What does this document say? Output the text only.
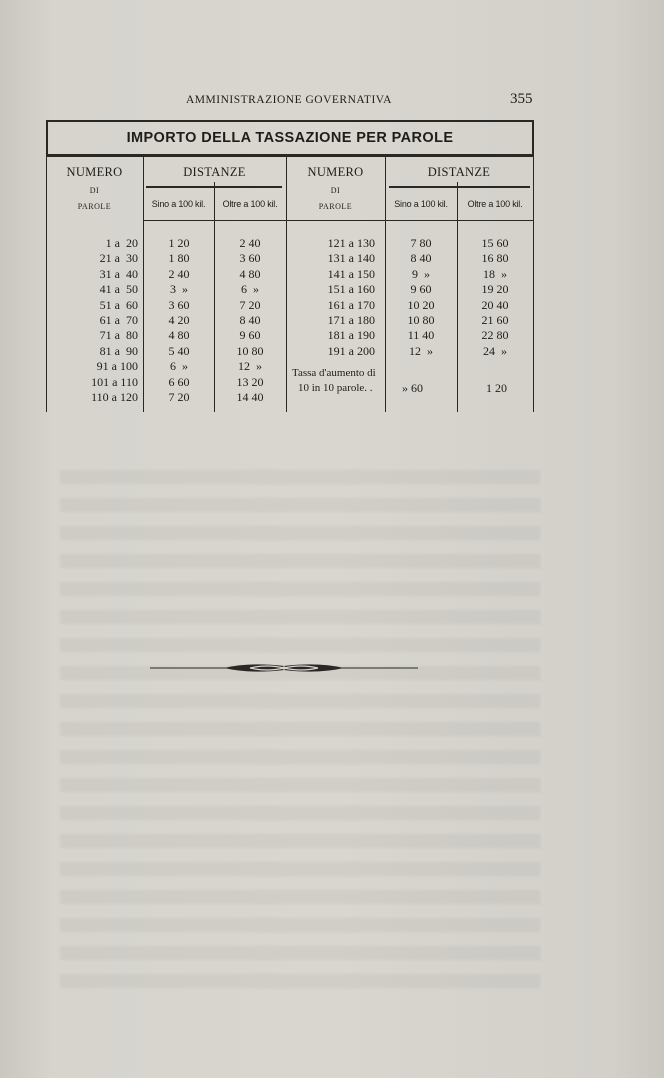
AMMINISTRAZIONE GOVERNATIVA	355
IMPORTO DELLA TASSAZIONE PER PAROLE
NUMERO
DI
PAROLE
DISTANZE
Sino a 100 kil.	Oltre a 100 kil.
NUMERO
DI
PAROLE
DISTANZE
Sino a 100 kil.	Oltre a 100 kil.
1 a  20	1 20	2 40
21 a  30	1 80	3 60
31 a  40	2 40	4 80
41 a  50	3  »	6  »
51 a  60	3 60	7 20
61 a  70	4 20	8 40
71 a  80	4 80	9 60
81 a  90	5 40	10 80
91 a 100	6  »	12  »
101 a 110	6 60	13 20
110 a 120	7 20	14 40
121 a 130	7 80	15 60
131 a 140	8 40	16 80
141 a 150	9  »	18  »
151 a 160	9 60	19 20
161 a 170	10 20	20 40
171 a 180	10 80	21 60
181 a 190	11 40	22 80
191 a 200	12  »	24  »
Tassa d'aumento di
10 in 10 parole. . » 60	1 20
